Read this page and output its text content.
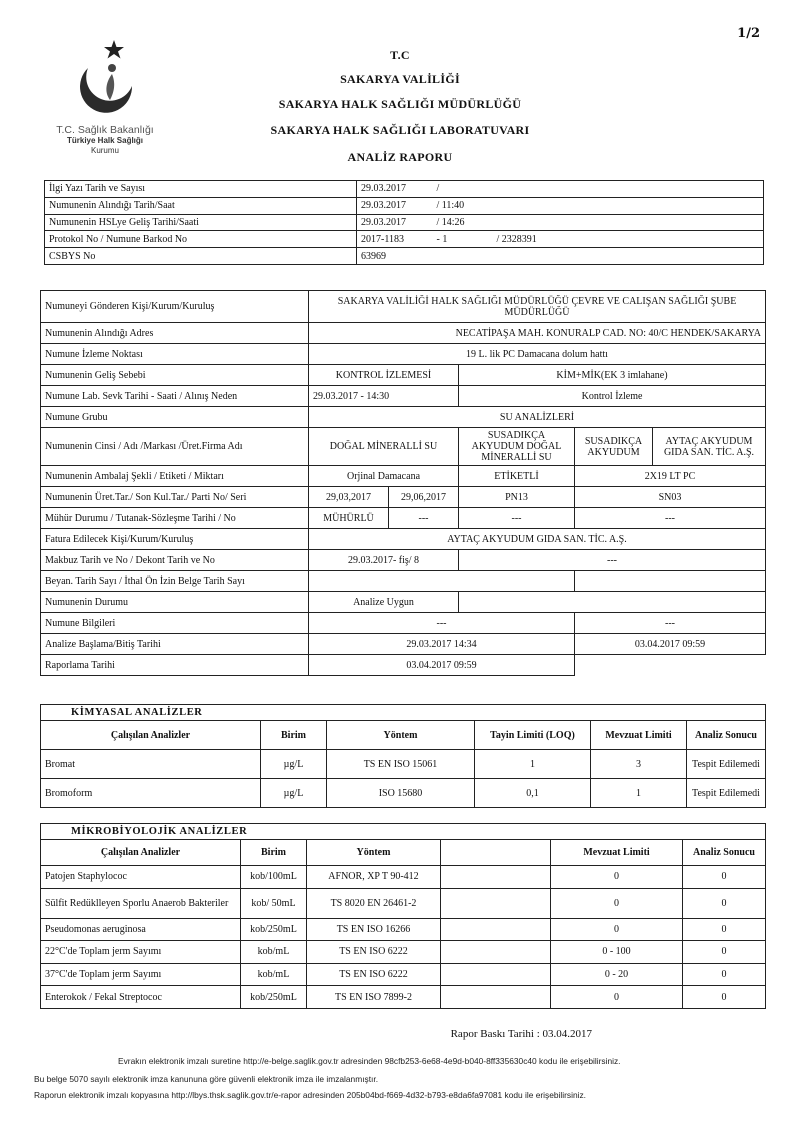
1/2
T.C. Sağlık Bakanlığı
Türkiye Halk Sağlığı
Kurumu
T.C
SAKARYA VALİLİĞİ
SAKARYA HALK SAĞLIĞI MÜDÜRLÜĞÜ
SAKARYA HALK SAĞLIĞI LABORATUVARI
ANALİZ RAPORU
İlgi Yazı Tarih ve Sayısı	29.03.2017	/	
Numunenin Alındığı Tarih/Saat	29.03.2017	/ 11:40	
Numunenin HSLye Geliş Tarihi/Saati	29.03.2017	/ 14:26	
Protokol No / Numune Barkod No	2017-1183	- 1	/ 2328391
CSBYS No	63969		
Numuneyi Gönderen Kişi/Kurum/Kuruluş	SAKARYA VALİLİĞİ HALK SAĞLIĞI MÜDÜRLÜĞÜ ÇEVRE VE CALIŞAN SAĞLIĞI ŞUBE MÜDÜRLÜĞÜ				
Numunenin Alındığı Adres	NECATİPAŞA MAH. KONURALP CAD. NO: 40/C HENDEK/SAKARYA				
Numune İzleme Noktası	19 L. lik PC Damacana dolum hattı				
Numunenin Geliş Sebebi	KONTROL İZLEMESİ		KİM+MİK(EK 3 imlahane)		
Numune Lab. Sevk Tarihi - Saati / Alınış Neden	29.03.2017 - 14:30		Kontrol İzleme		
Numune Grubu	SU ANALİZLERİ				
Numunenin Cinsi / Adı /Markası /Üret.Firma Adı	DOĞAL MİNERALLİ SU		SUSADIKÇA AKYUDUM DOĞAL MİNERALLİ SU	SUSADIKÇA AKYUDUM	AYTAÇ AKYUDUM GIDA SAN. TİC. A.Ş.
Numunenin Ambalaj Şekli / Etiketi / Miktarı	Orjinal Damacana		ETİKETLİ	2X19 LT PC	
Numunenin Üret.Tar./ Son Kul.Tar./ Parti No/ Seri	29,03,2017	29,06,2017	PN13	SN03	
Mühür Durumu / Tutanak-Sözleşme Tarihi / No	MÜHÜRLÜ	---	---	---	
Fatura Edilecek Kişi/Kurum/Kuruluş	AYTAÇ AKYUDUM GIDA SAN. TİC. A.Ş.				
Makbuz Tarih ve No / Dekont Tarih ve No	29.03.2017- fiş/ 8		---		
Beyan. Tarih Sayı / İthal Ön İzin Belge Tarih Sayı					
Numunenin Durumu	Analize Uygun				
Numune Bilgileri	---			---	
Analize Başlama/Bitiş Tarihi	29.03.2017 14:34			03.04.2017 09:59	
Raporlama Tarihi	03.04.2017 09:59				
KİMYASAL ANALİZLER					
Çalışılan Analizler	Birim	Yöntem	Tayin Limiti (LOQ)	Mevzuat Limiti	Analiz Sonucu
Bromat	µg/L	TS EN ISO 15061	1	3	Tespit Edilemedi
Bromoform	µg/L	ISO 15680	0,1	1	Tespit Edilemedi
MİKROBİYOLOJİK ANALİZLER					
Çalışılan Analizler	Birim	Yöntem		Mevzuat Limiti	Analiz Sonucu
Patojen Staphylococ	kob/100mL	AFNOR, XP T 90-412		0	0
Sülfit Redüklleyen Sporlu Anaerob Bakteriler	kob/ 50mL	TS 8020 EN 26461-2		0	0
Pseudomonas aeruginosa	kob/250mL	TS EN ISO 16266		0	0
22°C'de Toplam jerm Sayımı	kob/mL	TS EN ISO 6222		0 - 100	0
37°C'de Toplam jerm Sayımı	kob/mL	TS EN ISO 6222		0 - 20	0
Enterokok / Fekal Streptococ	kob/250mL	TS EN ISO 7899-2		0	0
Rapor Baskı Tarihi : 03.04.2017
Evrakın elektronik imzalı suretine http://e-belge.saglik.gov.tr adresinden 98cfb253-6e68-4e9d-b040-8ff335630c40 kodu ile erişebilirsiniz.
Bu belge 5070 sayılı elektronik imza kanununa göre güvenli elektronik imza ile imzalanmıştır.
Raporun elektronik imzalı kopyasına http://lbys.thsk.saglik.gov.tr/e-rapor adresinden 205b04bd-f669-4d32-b793-e8da6fa97081 kodu ile erişebilirsiniz.
